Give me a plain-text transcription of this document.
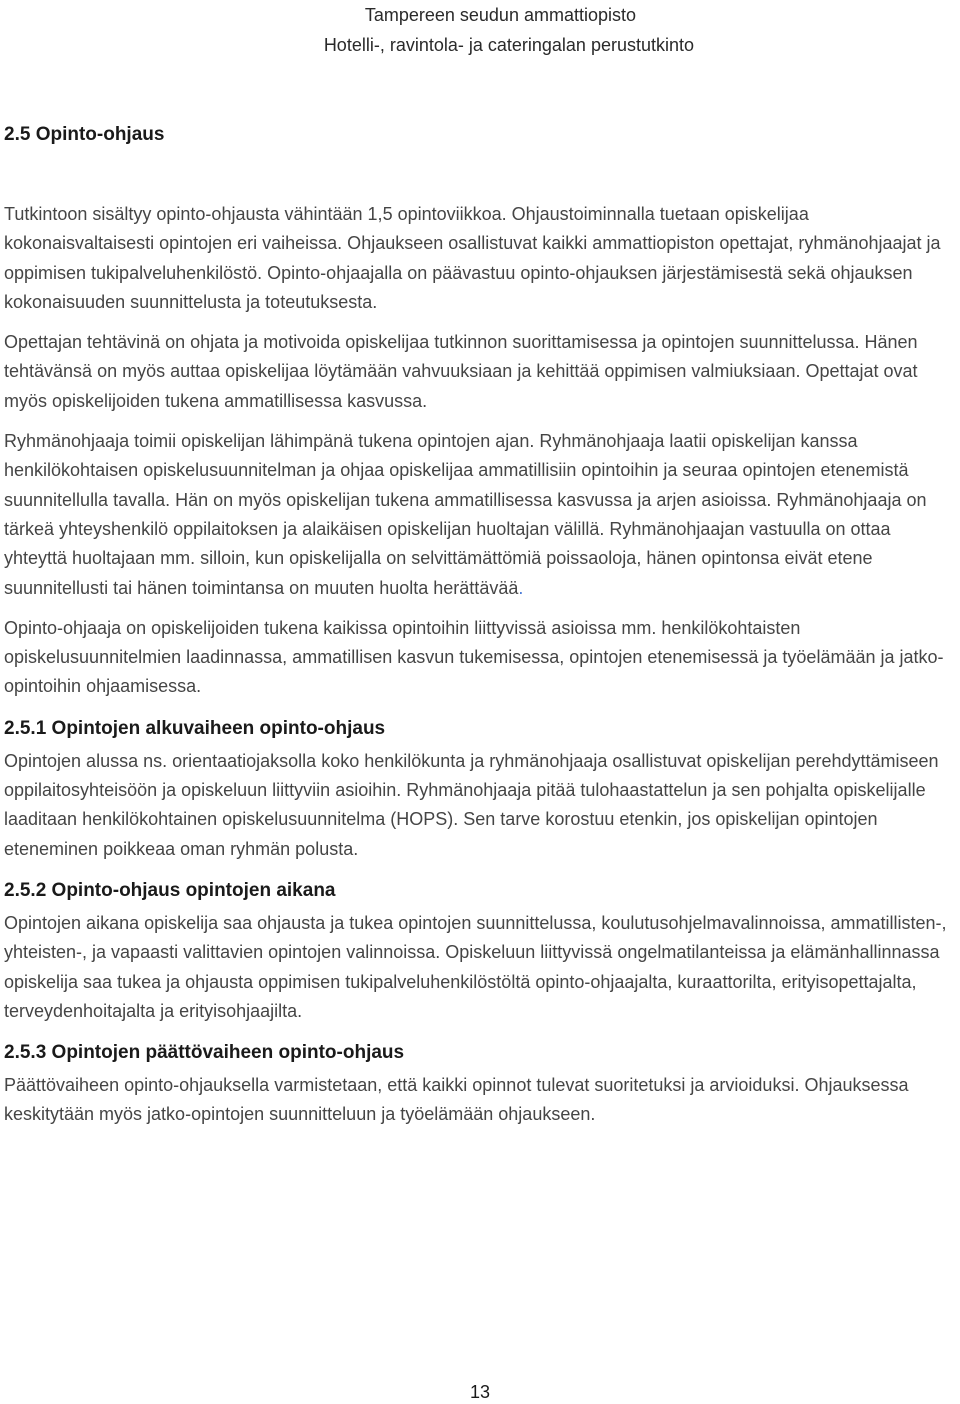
Tampereen seudun ammattiopisto
Hotelli-, ravintola- ja cateringalan perustutkinto
2.5 Opinto-ohjaus

Tutkintoon sisältyy opinto-ohjausta vähintään 1,5 opintoviikkoa. Ohjaustoiminnalla tuetaan opiskelijaa kokonaisvaltaisesti opintojen eri vaiheissa. Ohjaukseen osallistuvat kaikki ammattiopiston opettajat, ryhmänohjaajat ja oppimisen tukipalveluhenkilöstö. Opinto-ohjaajalla on päävastuu opinto-ohjauksen järjestämisestä sekä ohjauksen kokonaisuuden suunnittelusta ja toteutuksesta.

Opettajan tehtävinä on ohjata ja motivoida opiskelijaa tutkinnon suorittamisessa ja opintojen suunnittelussa. Hänen tehtävänsä on myös auttaa opiskelijaa löytämään vahvuuksiaan ja kehittää oppimisen valmiuksiaan. Opettajat ovat myös opiskelijoiden tukena ammatillisessa kasvussa.

Ryhmänohjaaja toimii opiskelijan lähimpänä tukena opintojen ajan. Ryhmänohjaaja laatii opiskelijan kanssa henkilökohtaisen opiskelusuunnitelman ja ohjaa opiskelijaa ammatillisiin opintoihin ja seuraa opintojen etenemistä suunnitellulla tavalla. Hän on myös opiskelijan tukena ammatillisessa kasvussa ja arjen asioissa. Ryhmänohjaaja on tärkeä yhteyshenkilö oppilaitoksen ja alaikäisen opiskelijan huoltajan välillä. Ryhmänohjaajan vastuulla on ottaa yhteyttä huoltajaan mm. silloin, kun opiskelijalla on selvittämättömiä poissaoloja, hänen opintonsa eivät etene suunnitellusti tai hänen toimintansa on muuten huolta herättävää.

Opinto-ohjaaja on opiskelijoiden tukena kaikissa opintoihin liittyvissä asioissa mm. henkilökohtaisten opiskelusuunnitelmien laadinnassa, ammatillisen kasvun tukemisessa, opintojen etenemisessä ja työelämään ja jatko-opintoihin ohjaamisessa.

2.5.1 Opintojen alkuvaiheen opinto-ohjaus

Opintojen alussa ns. orientaatiojaksolla koko henkilökunta ja ryhmänohjaaja osallistuvat opiskelijan perehdyttämiseen oppilaitosyhteisöön ja opiskeluun liittyviin asioihin. Ryhmänohjaaja pitää tulohaastattelun ja sen pohjalta opiskelijalle laaditaan henkilökohtainen opiskelusuunnitelma (HOPS). Sen tarve korostuu etenkin, jos opiskelijan opintojen eteneminen poikkeaa oman ryhmän polusta.

2.5.2 Opinto-ohjaus opintojen aikana

Opintojen aikana opiskelija saa ohjausta ja tukea opintojen suunnittelussa, koulutusohjelmavalinnoissa, ammatillisten-, yhteisten-, ja vapaasti valittavien opintojen valinnoissa. Opiskeluun liittyvissä ongelmatilanteissa ja elämänhallinnassa opiskelija saa tukea ja ohjausta oppimisen tukipalveluhenkilöstöltä opinto-ohjaajalta, kuraattorilta, erityisopettajalta, terveydenhoitajalta ja erityisohjaajilta.

2.5.3 Opintojen päättövaiheen opinto-ohjaus

Päättövaiheen opinto-ohjauksella varmistetaan, että kaikki opinnot tulevat suoritetuksi ja arvioiduksi. Ohjauksessa keskitytään myös jatko-opintojen suunnitteluun ja työelämään ohjaukseen.

13
